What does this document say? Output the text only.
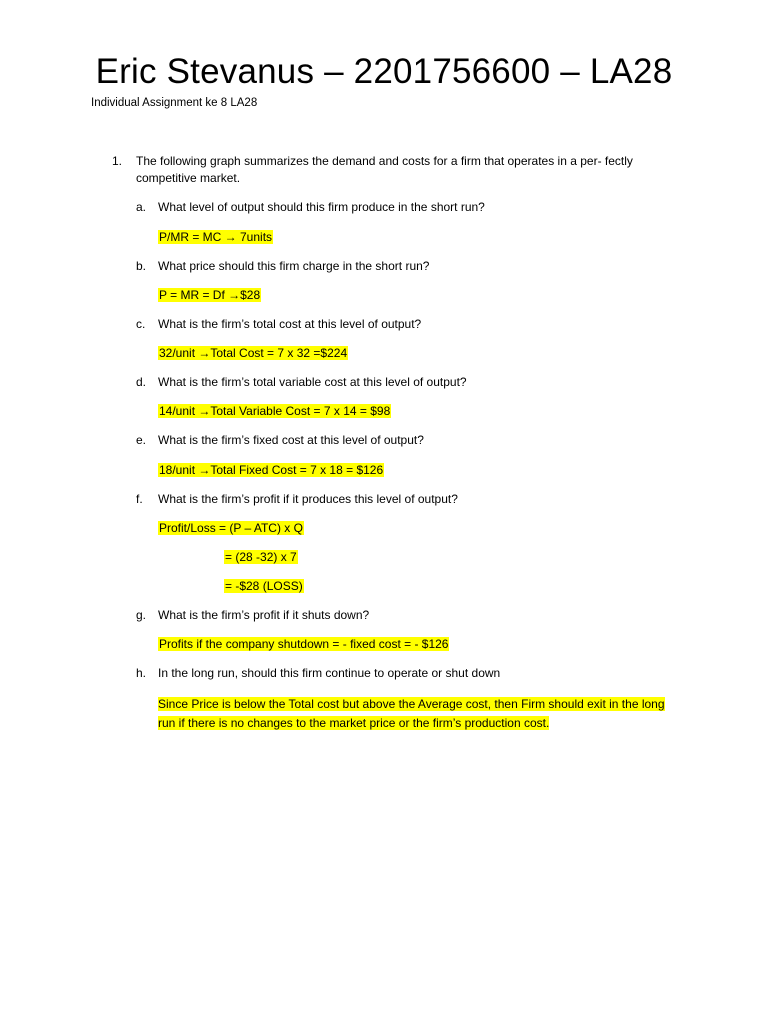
Eric Stevanus – 2201756600 – LA28
Individual Assignment ke 8 LA28
1. The following graph summarizes the demand and costs for a firm that operates in a per- fectly competitive market.
a. What level of output should this firm produce in the short run?
P/MR = MC → 7units
b. What price should this firm charge in the short run?
P = MR = Df →$28
c. What is the firm’s total cost at this level of output?
32/unit →Total Cost = 7 x 32 =$224
d. What is the firm’s total variable cost at this level of output?
14/unit →Total Variable Cost = 7 x 14 = $98
e. What is the firm’s fixed cost at this level of output?
18/unit →Total Fixed Cost = 7 x 18 = $126
f. What is the firm’s profit if it produces this level of output?
Profit/Loss = (P – ATC) x Q
= (28 -32) x 7
= -$28 (LOSS)
g. What is the firm’s profit if it shuts down?
Profits if the company shutdown = - fixed cost = - $126
h. In the long run, should this firm continue to operate or shut down
Since Price is below the Total cost but above the Average cost, then Firm should exit in the long run if there is no changes to the market price or the firm’s production cost.
